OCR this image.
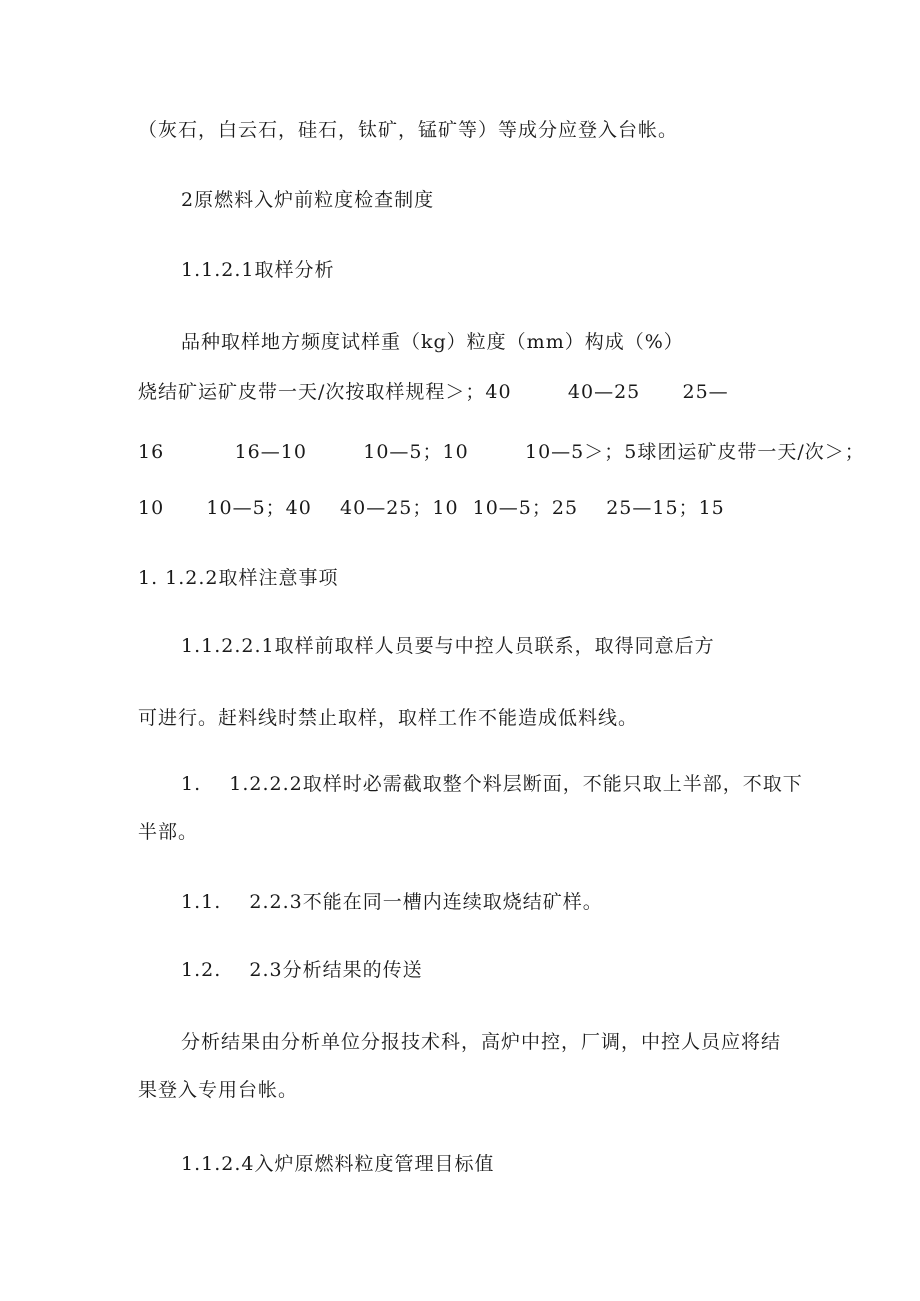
（灰石，白云石，硅石，钛矿，锰矿等）等成分应登入台帐。
2原燃料入炉前粒度检查制度
1.1.2.1取样分析
品种取样地方频度试样重（kg）粒度（mm）构成（%）
烧结矿运矿皮带一天/次按取样规程＞；40        40—25      25—
16          16—10        10—5；10        10—5＞；5球团运矿皮带一天/次＞；
10      10—5；40    40—25；10  10—5；25    25—15；15
1. 1.2.2取样注意事项
1.1.2.2.1取样前取样人员要与中控人员联系，取得同意后方
可进行。赶料线时禁止取样，取样工作不能造成低料线。
1.    1.2.2.2取样时必需截取整个料层断面，不能只取上半部，不取下
半部。
1.1.    2.2.3不能在同一槽内连续取烧结矿样。
1.2.    2.3分析结果的传送
分析结果由分析单位分报技术科，高炉中控，厂调，中控人员应将结
果登入专用台帐。
1.1.2.4入炉原燃料粒度管理目标值
